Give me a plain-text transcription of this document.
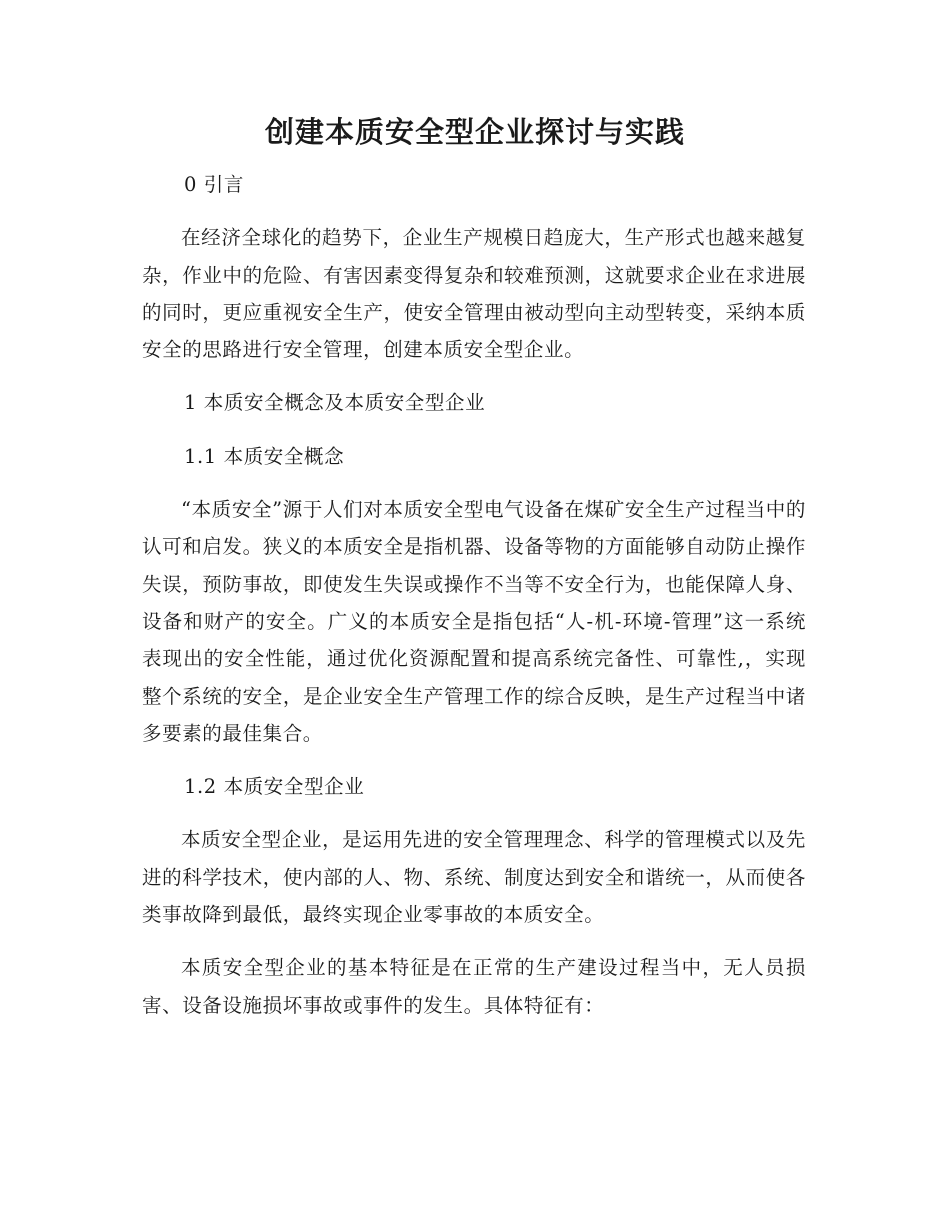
创建本质安全型企业探讨与实践

0 引言

在经济全球化的趋势下，企业生产规模日趋庞大，生产形式也越来越复杂，作业中的危险、有害因素变得复杂和较难预测，这就要求企业在求进展的同时，更应重视安全生产，使安全管理由被动型向主动型转变，采纳本质安全的思路进行安全管理，创建本质安全型企业。

1 本质安全概念及本质安全型企业

1.1 本质安全概念

“本质安全”源于人们对本质安全型电气设备在煤矿安全生产过程当中的认可和启发。狭义的本质安全是指机器、设备等物的方面能够自动防止操作失误，预防事故，即使发生失误或操作不当等不安全行为，也能保障人身、设备和财产的安全。广义的本质安全是指包括“人-机-环境-管理”这一系统表现出的安全性能，通过优化资源配置和提高系统完备性、可靠性,，实现整个系统的安全，是企业安全生产管理工作的综合反映，是生产过程当中诸多要素的最佳集合。

1.2 本质安全型企业

本质安全型企业，是运用先进的安全管理理念、科学的管理模式以及先进的科学技术，使内部的人、物、系统、制度达到安全和谐统一，从而使各类事故降到最低，最终实现企业零事故的本质安全。

本质安全型企业的基本特征是在正常的生产建设过程当中，无人员损害、设备设施损坏事故或事件的发生。具体特征有：
